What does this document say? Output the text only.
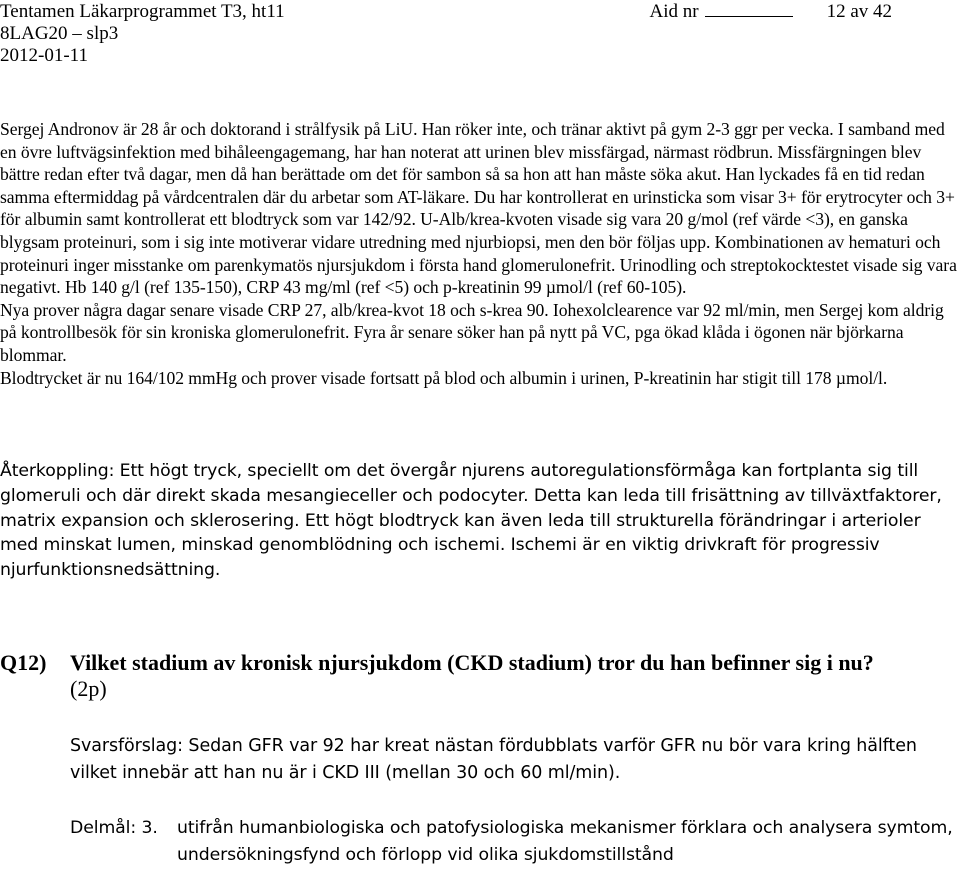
Tentamen Läkarprogrammet T3, ht11	Aid nr	12 av 42
8LAG20 – slp3
2012-01-11

Sergej Andronov är 28 år och doktorand i strålfysik på LiU. Han röker inte, och tränar aktivt på gym 2-3 ggr per vecka. I samband med en övre luftvägsinfektion med bihåleengagemang, har han noterat att urinen blev missfärgad, närmast rödbrun. Missfärgningen blev bättre redan efter två dagar, men då han berättade om det för sambon så sa hon att han måste söka akut. Han lyckades få en tid redan samma eftermiddag på vårdcentralen där du arbetar som AT-läkare. Du har kontrollerat en urinsticka som visar 3+ för erytrocyter och 3+ för albumin samt kontrollerat ett blodtryck som var 142/92. U-Alb/krea-kvoten visade sig vara 20 g/mol (ref värde <3), en ganska blygsam proteinuri, som i sig inte motiverar vidare utredning med njurbiopsi, men den bör följas upp. Kombinationen av hematuri och proteinuri inger misstanke om parenkymatös njursjukdom i första hand glomerulonefrit. Urinodling och streptokocktestet visade sig vara negativt. Hb 140 g/l (ref 135-150), CRP 43 mg/ml (ref <5) och p-kreatinin 99 µmol/l (ref 60-105).

Nya prover några dagar senare visade CRP 27, alb/krea-kvot 18 och s-krea 90. Iohexolclearence var 92 ml/min, men Sergej kom aldrig på kontrollbesök för sin kroniska glomerulonefrit. Fyra år senare söker han på nytt på VC, pga ökad klåda i ögonen när björkarna blommar.

Blodtrycket är nu 164/102 mmHg och prover visade fortsatt på blod och albumin i urinen, P-kreatinin har stigit till 178 µmol/l.

Återkoppling: Ett högt tryck, speciellt om det övergår njurens autoregulationsförmåga kan fortplanta sig till glomeruli och där direkt skada mesangieceller och podocyter. Detta kan leda till frisättning av tillväxtfaktorer, matrix expansion och sklerosering. Ett högt blodtryck kan även leda till strukturella förändringar i arterioler med minskat lumen, minskad genomblödning och ischemi. Ischemi är en viktig drivkraft för progressiv njurfunktionsnedsättning.
Q12) Vilket stadium av kronisk njursjukdom (CKD stadium) tror du han befinner sig i nu?
(2p)
Svarsförslag: Sedan GFR var 92 har kreat nästan fördubblats varför GFR nu bör vara kring hälften vilket innebär att han nu är i CKD III (mellan 30 och 60 ml/min).
Delmål: 3. utifrån humanbiologiska och patofysiologiska mekanismer förklara och analysera symtom, undersökningsfynd och förlopp vid olika sjukdomstillstånd
